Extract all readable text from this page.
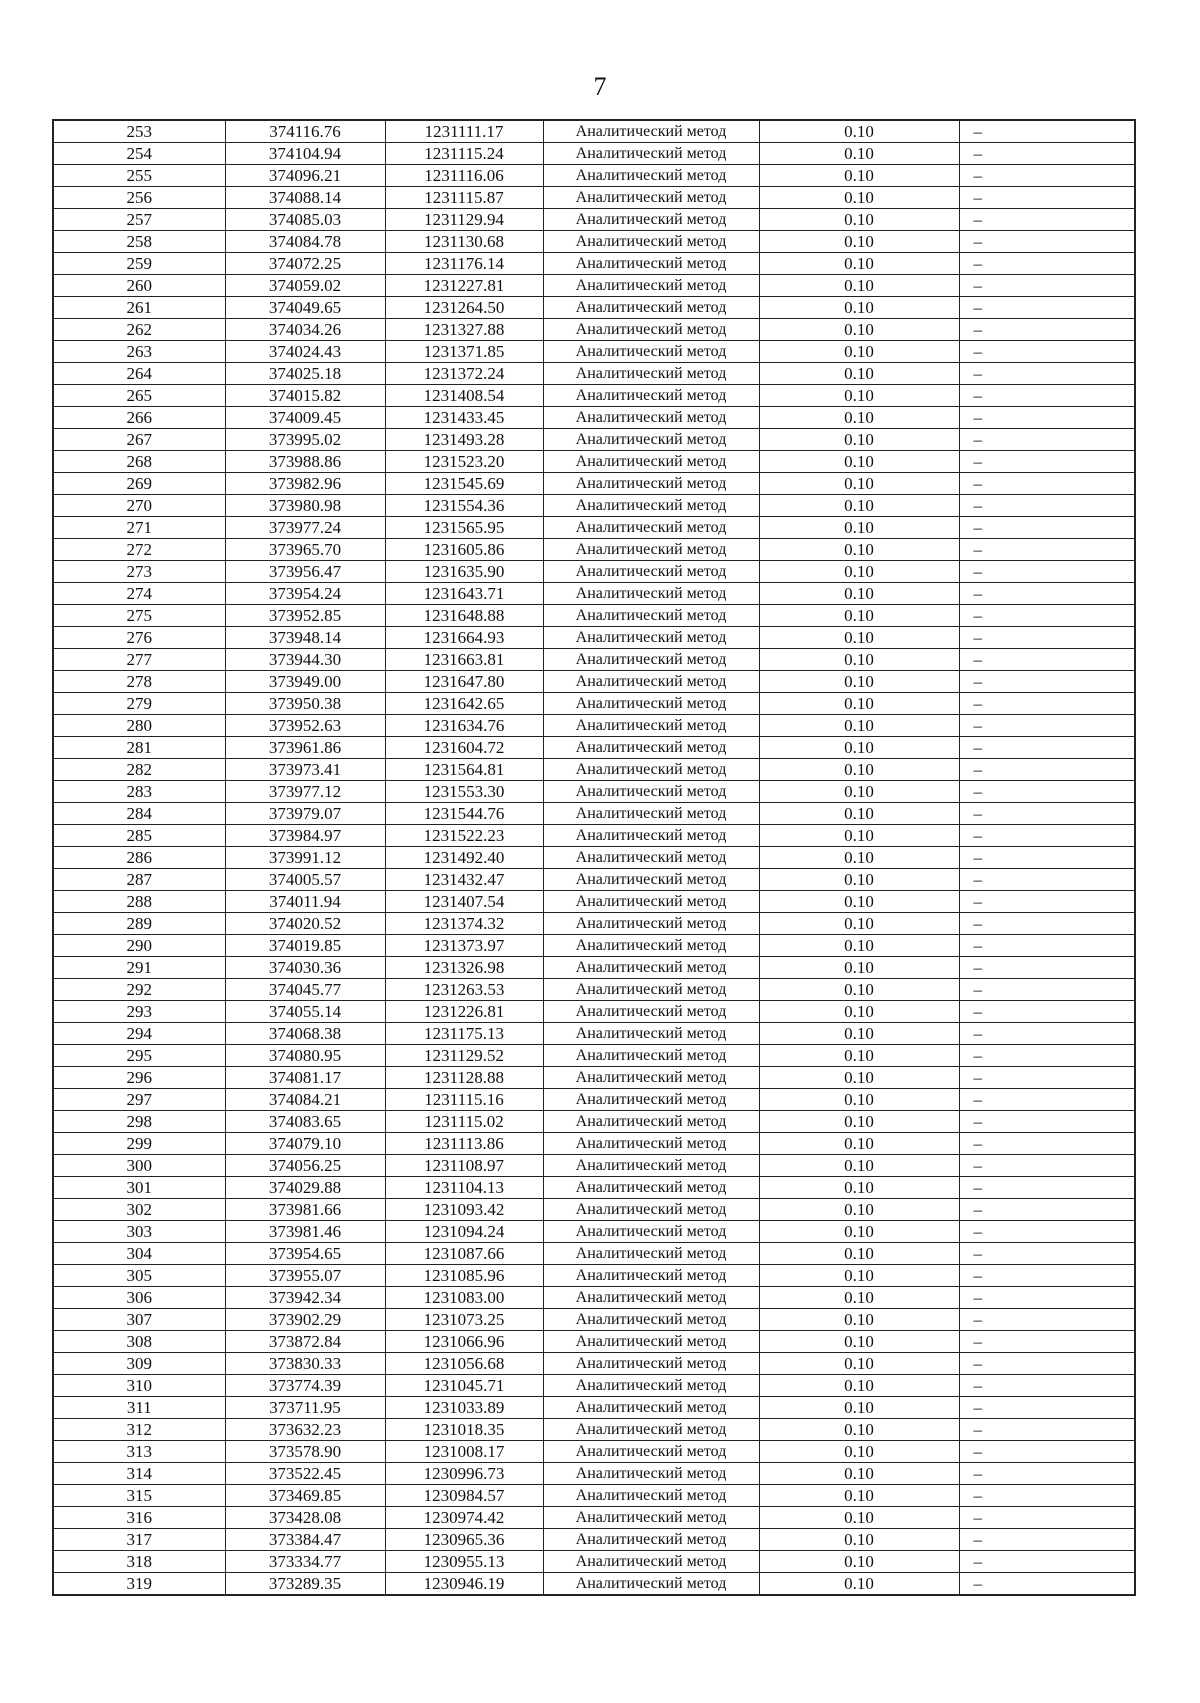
7
253	374116.76	1231111.17	Аналитический метод	0.10	–
254	374104.94	1231115.24	Аналитический метод	0.10	–
255	374096.21	1231116.06	Аналитический метод	0.10	–
256	374088.14	1231115.87	Аналитический метод	0.10	–
257	374085.03	1231129.94	Аналитический метод	0.10	–
258	374084.78	1231130.68	Аналитический метод	0.10	–
259	374072.25	1231176.14	Аналитический метод	0.10	–
260	374059.02	1231227.81	Аналитический метод	0.10	–
261	374049.65	1231264.50	Аналитический метод	0.10	–
262	374034.26	1231327.88	Аналитический метод	0.10	–
263	374024.43	1231371.85	Аналитический метод	0.10	–
264	374025.18	1231372.24	Аналитический метод	0.10	–
265	374015.82	1231408.54	Аналитический метод	0.10	–
266	374009.45	1231433.45	Аналитический метод	0.10	–
267	373995.02	1231493.28	Аналитический метод	0.10	–
268	373988.86	1231523.20	Аналитический метод	0.10	–
269	373982.96	1231545.69	Аналитический метод	0.10	–
270	373980.98	1231554.36	Аналитический метод	0.10	–
271	373977.24	1231565.95	Аналитический метод	0.10	–
272	373965.70	1231605.86	Аналитический метод	0.10	–
273	373956.47	1231635.90	Аналитический метод	0.10	–
274	373954.24	1231643.71	Аналитический метод	0.10	–
275	373952.85	1231648.88	Аналитический метод	0.10	–
276	373948.14	1231664.93	Аналитический метод	0.10	–
277	373944.30	1231663.81	Аналитический метод	0.10	–
278	373949.00	1231647.80	Аналитический метод	0.10	–
279	373950.38	1231642.65	Аналитический метод	0.10	–
280	373952.63	1231634.76	Аналитический метод	0.10	–
281	373961.86	1231604.72	Аналитический метод	0.10	–
282	373973.41	1231564.81	Аналитический метод	0.10	–
283	373977.12	1231553.30	Аналитический метод	0.10	–
284	373979.07	1231544.76	Аналитический метод	0.10	–
285	373984.97	1231522.23	Аналитический метод	0.10	–
286	373991.12	1231492.40	Аналитический метод	0.10	–
287	374005.57	1231432.47	Аналитический метод	0.10	–
288	374011.94	1231407.54	Аналитический метод	0.10	–
289	374020.52	1231374.32	Аналитический метод	0.10	–
290	374019.85	1231373.97	Аналитический метод	0.10	–
291	374030.36	1231326.98	Аналитический метод	0.10	–
292	374045.77	1231263.53	Аналитический метод	0.10	–
293	374055.14	1231226.81	Аналитический метод	0.10	–
294	374068.38	1231175.13	Аналитический метод	0.10	–
295	374080.95	1231129.52	Аналитический метод	0.10	–
296	374081.17	1231128.88	Аналитический метод	0.10	–
297	374084.21	1231115.16	Аналитический метод	0.10	–
298	374083.65	1231115.02	Аналитический метод	0.10	–
299	374079.10	1231113.86	Аналитический метод	0.10	–
300	374056.25	1231108.97	Аналитический метод	0.10	–
301	374029.88	1231104.13	Аналитический метод	0.10	–
302	373981.66	1231093.42	Аналитический метод	0.10	–
303	373981.46	1231094.24	Аналитический метод	0.10	–
304	373954.65	1231087.66	Аналитический метод	0.10	–
305	373955.07	1231085.96	Аналитический метод	0.10	–
306	373942.34	1231083.00	Аналитический метод	0.10	–
307	373902.29	1231073.25	Аналитический метод	0.10	–
308	373872.84	1231066.96	Аналитический метод	0.10	–
309	373830.33	1231056.68	Аналитический метод	0.10	–
310	373774.39	1231045.71	Аналитический метод	0.10	–
311	373711.95	1231033.89	Аналитический метод	0.10	–
312	373632.23	1231018.35	Аналитический метод	0.10	–
313	373578.90	1231008.17	Аналитический метод	0.10	–
314	373522.45	1230996.73	Аналитический метод	0.10	–
315	373469.85	1230984.57	Аналитический метод	0.10	–
316	373428.08	1230974.42	Аналитический метод	0.10	–
317	373384.47	1230965.36	Аналитический метод	0.10	–
318	373334.77	1230955.13	Аналитический метод	0.10	–
319	373289.35	1230946.19	Аналитический метод	0.10	–
